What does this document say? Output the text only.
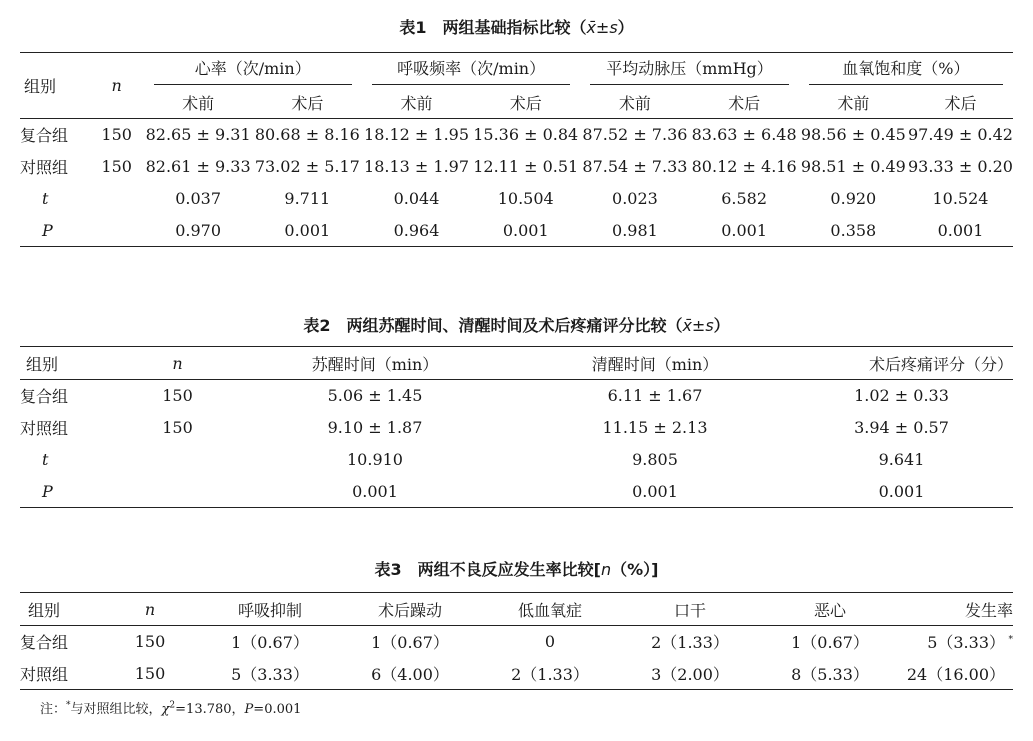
表1　两组基础指标比较（x̄±s）
组别	n	心率（次/min）		呼吸频率（次/min）		平均动脉压（mmHg）		血氧饱和度（%）	

		术前	术后	术前	术后	术前	术后	术前	术后
复合组	150	82.65 ± 9.31	80.68 ± 8.16	18.12 ± 1.95	15.36 ± 0.84	87.52 ± 7.36	83.63 ± 6.48	98.56 ± 0.45	97.49 ± 0.42
对照组	150	82.61 ± 9.33	73.02 ± 5.17	18.13 ± 1.97	12.11 ± 0.51	87.54 ± 7.33	80.12 ± 4.16	98.51 ± 0.49	93.33 ± 0.20
t		0.037	9.711	0.044	10.504	0.023	6.582	0.920	10.524
P		0.970	0.001	0.964	0.001	0.981	0.001	0.358	0.001
表2　两组苏醒时间、清醒时间及术后疼痛评分比较（x̄±s）
组别	n	苏醒时间（min）	清醒时间（min）	术后疼痛评分（分）
复合组	150	5.06 ± 1.45	6.11 ± 1.67	1.02 ± 0.33
对照组	150	9.10 ± 1.87	11.15 ± 2.13	3.94 ± 0.57
t		10.910	9.805	9.641
P		0.001	0.001	0.001
表3　两组不良反应发生率比较[n（%）]
组别	n	呼吸抑制	术后躁动	低血氧症	口干	恶心	发生率
复合组	150	1（0.67）	1（0.67）	0	2（1.33）	1（0.67）	5（3.33） *
对照组	150	5（3.33）	6（4.00）	2（1.33）	3（2.00）	8（5.33）	24（16.00）
注：*与对照组比较，$\chi^2=13.780$，P=0.001
